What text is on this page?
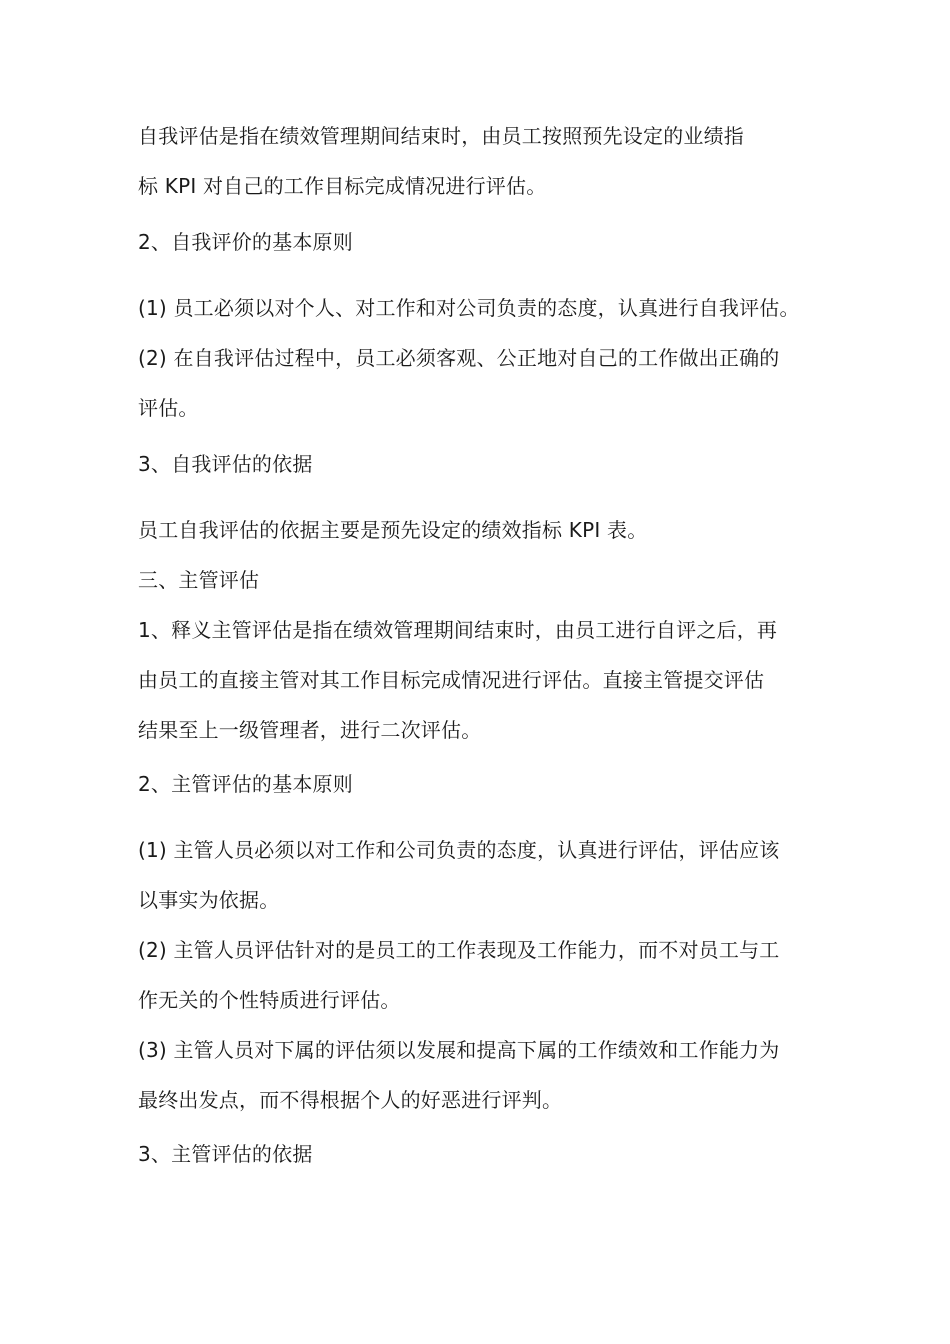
自我评估是指在绩效管理期间结束时，由员工按照预先设定的业绩指
标 KPI 对自己的工作目标完成情况进行评估。
2、自我评价的基本原则
(1) 员工必须以对个人、对工作和对公司负责的态度，认真进行自我评估。
(2) 在自我评估过程中，员工必须客观、公正地对自己的工作做出正确的
评估。
3、自我评估的依据
员工自我评估的依据主要是预先设定的绩效指标 KPI 表。
三、主管评估
1、释义主管评估是指在绩效管理期间结束时，由员工进行自评之后，再
由员工的直接主管对其工作目标完成情况进行评估。直接主管提交评估
结果至上一级管理者，进行二次评估。
2、主管评估的基本原则
(1) 主管人员必须以对工作和公司负责的态度，认真进行评估，评估应该
以事实为依据。
(2) 主管人员评估针对的是员工的工作表现及工作能力，而不对员工与工
作无关的个性特质进行评估。
(3) 主管人员对下属的评估须以发展和提高下属的工作绩效和工作能力为
最终出发点，而不得根据个人的好恶进行评判。
3、主管评估的依据
